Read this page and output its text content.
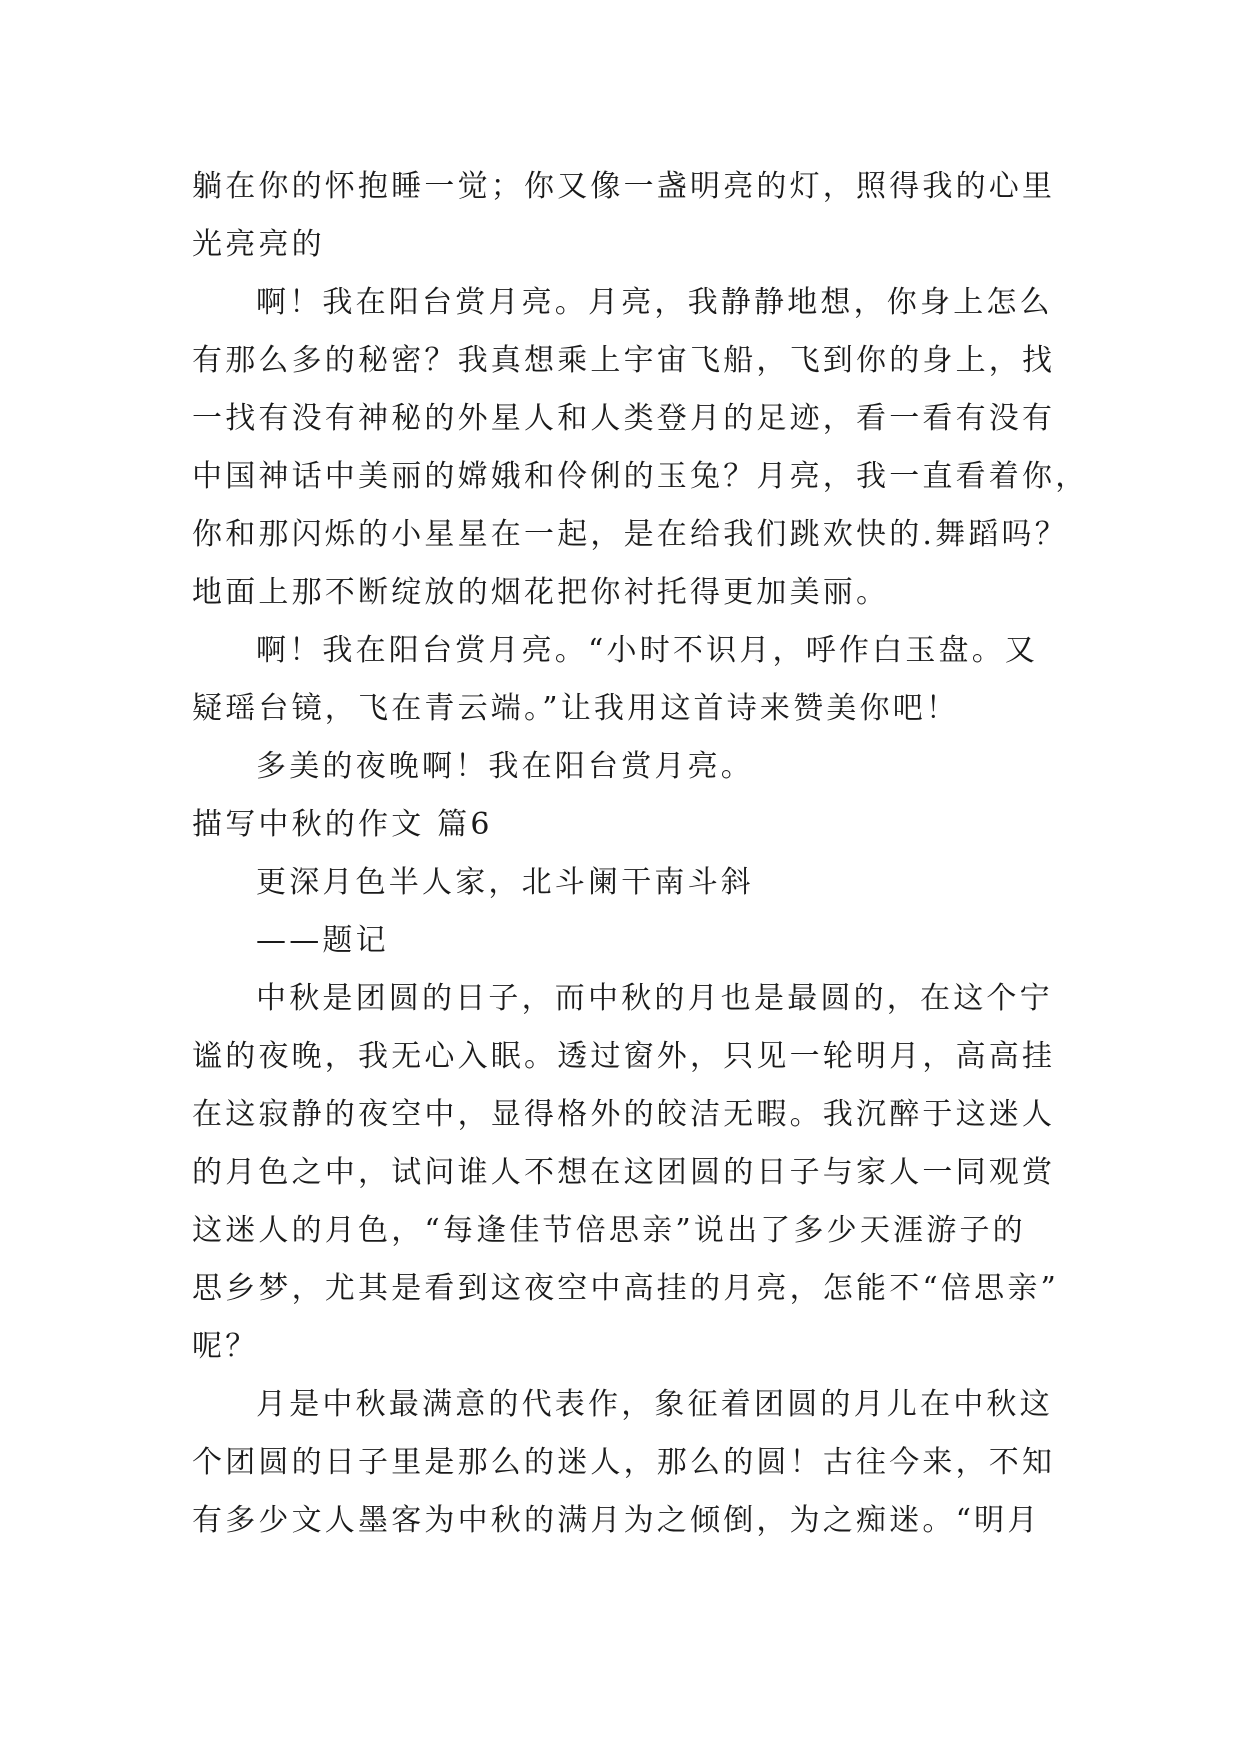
躺在你的怀抱睡一觉；你又像一盏明亮的灯，照得我的心里
光亮亮的
啊！我在阳台赏月亮。月亮，我静静地想，你身上怎么
有那么多的秘密？我真想乘上宇宙飞船，飞到你的身上，找
一找有没有神秘的外星人和人类登月的足迹，看一看有没有
中国神话中美丽的嫦娥和伶俐的玉兔？月亮，我一直看着你，
你和那闪烁的小星星在一起，是在给我们跳欢快的.舞蹈吗？
地面上那不断绽放的烟花把你衬托得更加美丽。
啊！我在阳台赏月亮。“小时不识月，呼作白玉盘。又
疑瑶台镜，飞在青云端。”让我用这首诗来赞美你吧！
多美的夜晚啊！我在阳台赏月亮。
描写中秋的作文 篇6
更深月色半人家，北斗阑干南斗斜
——题记
中秋是团圆的日子，而中秋的月也是最圆的，在这个宁
谧的夜晚，我无心入眠。透过窗外，只见一轮明月，高高挂
在这寂静的夜空中，显得格外的皎洁无暇。我沉醉于这迷人
的月色之中，试问谁人不想在这团圆的日子与家人一同观赏
这迷人的月色，“每逢佳节倍思亲”说出了多少天涯游子的
思乡梦，尤其是看到这夜空中高挂的月亮，怎能不“倍思亲”
呢？
月是中秋最满意的代表作，象征着团圆的月儿在中秋这
个团圆的日子里是那么的迷人，那么的圆！古往今来，不知
有多少文人墨客为中秋的满月为之倾倒，为之痴迷。“明月
